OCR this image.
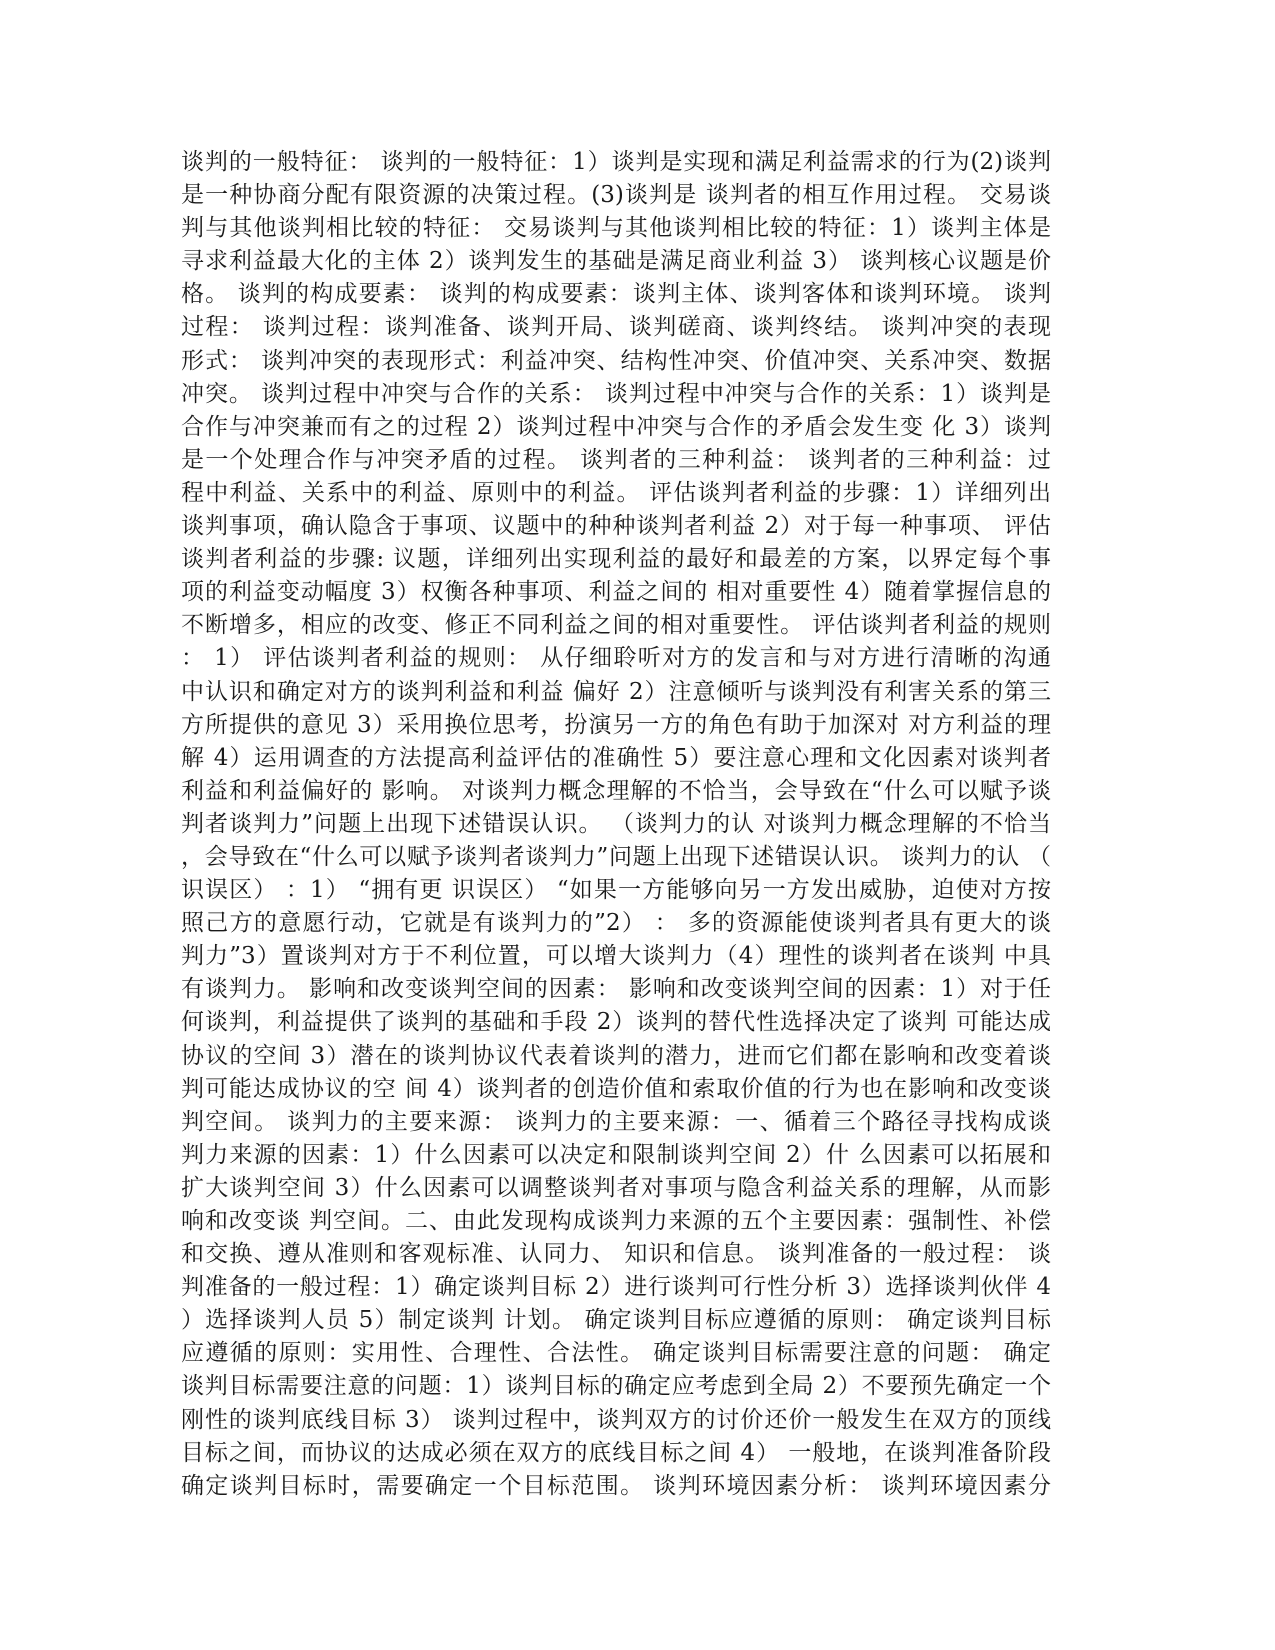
谈判的一般特征： 谈判的一般特征：1）谈判是实现和满足利益需求的行为(2)谈判
是一种协商分配有限资源的决策过程。(3)谈判是 谈判者的相互作用过程。 交易谈
判与其他谈判相比较的特征： 交易谈判与其他谈判相比较的特征：1）谈判主体是
寻求利益最大化的主体 2）谈判发生的基础是满足商业利益 3） 谈判核心议题是价
格。 谈判的构成要素： 谈判的构成要素：谈判主体、谈判客体和谈判环境。 谈判
过程： 谈判过程：谈判准备、谈判开局、谈判磋商、谈判终结。 谈判冲突的表现
形式： 谈判冲突的表现形式：利益冲突、结构性冲突、价值冲突、关系冲突、数据
冲突。 谈判过程中冲突与合作的关系： 谈判过程中冲突与合作的关系：1）谈判是
合作与冲突兼而有之的过程 2）谈判过程中冲突与合作的矛盾会发生变 化 3）谈判
是一个处理合作与冲突矛盾的过程。 谈判者的三种利益： 谈判者的三种利益：过
程中利益、关系中的利益、原则中的利益。 评估谈判者利益的步骤：1）详细列出
谈判事项，确认隐含于事项、议题中的种种谈判者利益 2）对于每一种事项、 评估
谈判者利益的步骤: 议题，详细列出实现利益的最好和最差的方案，以界定每个事
项的利益变动幅度 3）权衡各种事项、利益之间的 相对重要性 4）随着掌握信息的
不断增多，相应的改变、修正不同利益之间的相对重要性。 评估谈判者利益的规则
： 1） 评估谈判者利益的规则： 从仔细聆听对方的发言和与对方进行清晰的沟通
中认识和确定对方的谈判利益和利益 偏好 2）注意倾听与谈判没有利害关系的第三
方所提供的意见 3）采用换位思考，扮演另一方的角色有助于加深对 对方利益的理
解 4）运用调查的方法提高利益评估的准确性 5）要注意心理和文化因素对谈判者
利益和利益偏好的 影响。 对谈判力概念理解的不恰当，会导致在“什么可以赋予谈
判者谈判力”问题上出现下述错误认识。 （谈判力的认 对谈判力概念理解的不恰当
，会导致在“什么可以赋予谈判者谈判力”问题上出现下述错误认识。 谈判力的认 （
识误区） ：1） “拥有更 识误区） “如果一方能够向另一方发出威胁，迫使对方按
照己方的意愿行动，它就是有谈判力的”2） ： 多的资源能使谈判者具有更大的谈
判力”3）置谈判对方于不利位置，可以增大谈判力（4）理性的谈判者在谈判 中具
有谈判力。 影响和改变谈判空间的因素： 影响和改变谈判空间的因素：1）对于任
何谈判，利益提供了谈判的基础和手段 2）谈判的替代性选择决定了谈判 可能达成
协议的空间 3）潜在的谈判协议代表着谈判的潜力，进而它们都在影响和改变着谈
判可能达成协议的空 间 4）谈判者的创造价值和索取价值的行为也在影响和改变谈
判空间。 谈判力的主要来源： 谈判力的主要来源：一、循着三个路径寻找构成谈
判力来源的因素：1）什么因素可以决定和限制谈判空间 2）什 么因素可以拓展和
扩大谈判空间 3）什么因素可以调整谈判者对事项与隐含利益关系的理解，从而影
响和改变谈 判空间。二、由此发现构成谈判力来源的五个主要因素：强制性、补偿
和交换、遵从准则和客观标准、认同力、 知识和信息。 谈判准备的一般过程： 谈
判准备的一般过程：1）确定谈判目标 2）进行谈判可行性分析 3）选择谈判伙伴 4
）选择谈判人员 5）制定谈判 计划。 确定谈判目标应遵循的原则： 确定谈判目标
应遵循的原则：实用性、合理性、合法性。 确定谈判目标需要注意的问题： 确定
谈判目标需要注意的问题：1）谈判目标的确定应考虑到全局 2）不要预先确定一个
刚性的谈判底线目标 3） 谈判过程中，谈判双方的讨价还价一般发生在双方的顶线
目标之间，而协议的达成必须在双方的底线目标之间 4） 一般地，在谈判准备阶段
确定谈判目标时，需要确定一个目标范围。 谈判环境因素分析： 谈判环境因素分
